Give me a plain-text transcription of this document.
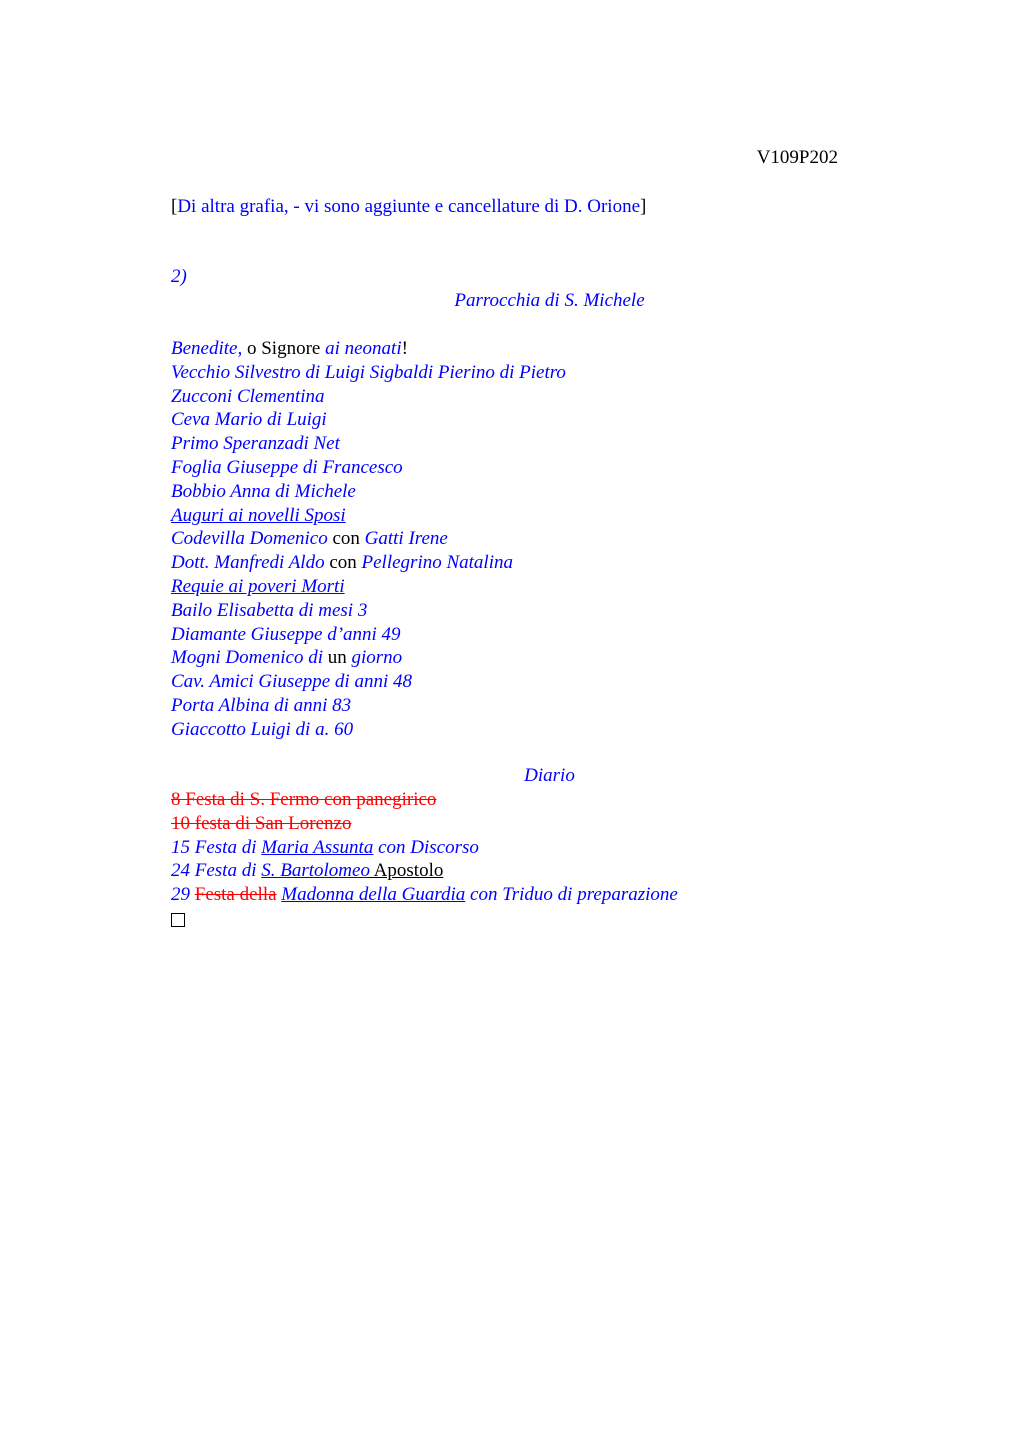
V109P202
[Di altra grafia, - vi sono aggiunte e cancellature di D. Orione]
2)
Parrocchia di S. Michele
Benedite, o Signore ai neonati!
Vecchio Silvestro di Luigi Sigbaldi Pierino di Pietro
Zucconi Clementina
Ceva Mario di Luigi
Primo Speranzadi Net
Foglia Giuseppe di Francesco
Bobbio Anna di Michele
Auguri ai novelli Sposi
Codevilla Domenico con Gatti Irene
Dott. Manfredi Aldo con Pellegrino Natalina
Requie ai poveri Morti
Bailo Elisabetta di mesi 3
Diamante Giuseppe d’anni 49
Mogni Domenico di un giorno
Cav. Amici Giuseppe di anni 48
Porta Albina di anni 83
Giaccotto Luigi di a. 60
Diario
8 Festa di S. Fermo con panegirico
10 festa di San Lorenzo
15 Festa di Maria Assunta con Discorso
24 Festa di S. Bartolomeo Apostolo
29 Festa della Madonna della Guardia con Triduo di preparazione
